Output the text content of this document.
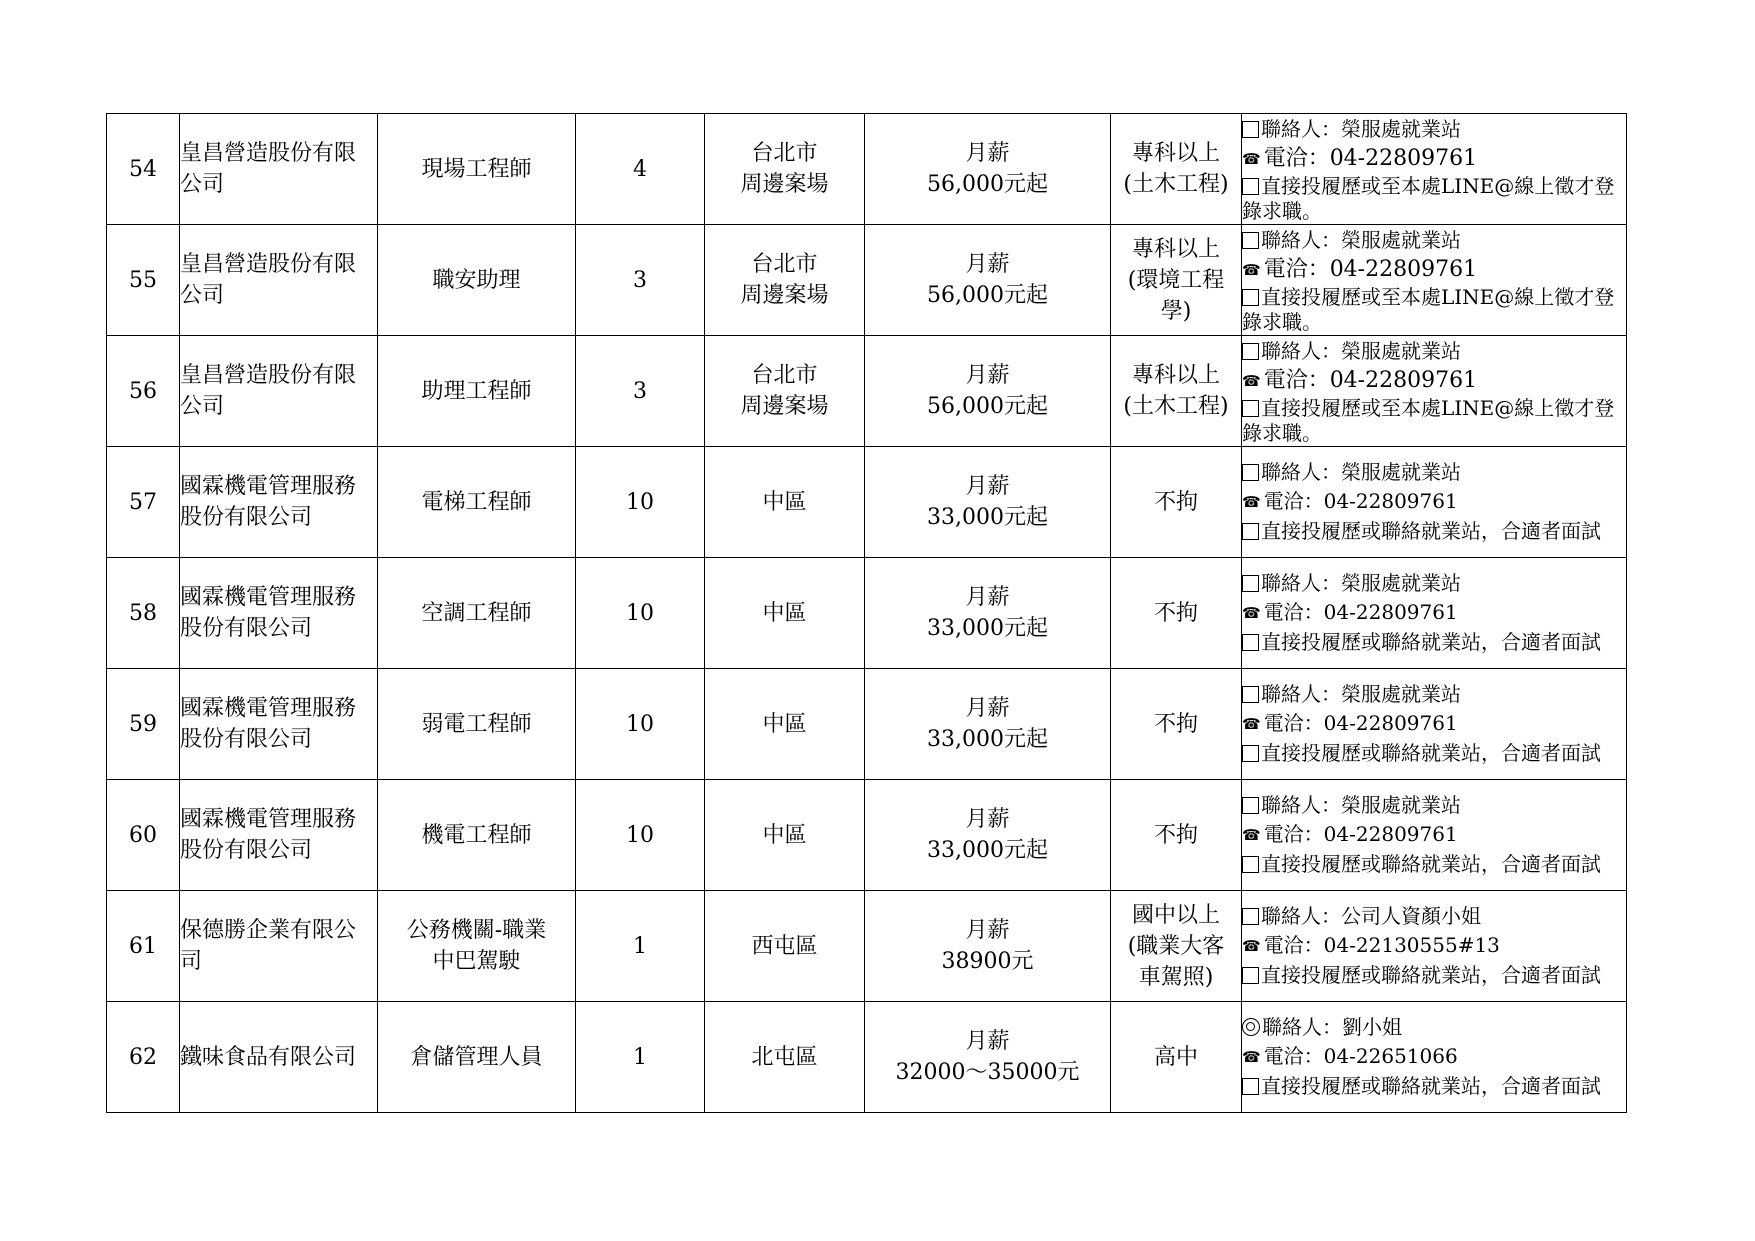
54	皇昌營造股份有限
公司	現場工程師	4	台北市
周邊案場	月薪
56,000元起	專科以上
(土木工程)	聯絡人：榮服處就業站
☎ 電洽：04-22809761
直接投履歷或至本處LINE@線上徵才登錄求職。

55	皇昌營造股份有限
公司	職安助理	3	台北市
周邊案場	月薪
56,000元起	專科以上
(環境工程
學)	聯絡人：榮服處就業站
☎ 電洽：04-22809761
直接投履歷或至本處LINE@線上徵才登錄求職。

56	皇昌營造股份有限
公司	助理工程師	3	台北市
周邊案場	月薪
56,000元起	專科以上
(土木工程)	聯絡人：榮服處就業站
☎ 電洽：04-22809761
直接投履歷或至本處LINE@線上徵才登錄求職。

57	國霖機電管理服務
股份有限公司	電梯工程師	10	中區	月薪
33,000元起	不拘	聯絡人：榮服處就業站
☎ 電洽：04-22809761
直接投履歷或聯絡就業站，合適者面試

58	國霖機電管理服務
股份有限公司	空調工程師	10	中區	月薪
33,000元起	不拘	聯絡人：榮服處就業站
☎ 電洽：04-22809761
直接投履歷或聯絡就業站，合適者面試

59	國霖機電管理服務
股份有限公司	弱電工程師	10	中區	月薪
33,000元起	不拘	聯絡人：榮服處就業站
☎ 電洽：04-22809761
直接投履歷或聯絡就業站，合適者面試

60	國霖機電管理服務
股份有限公司	機電工程師	10	中區	月薪
33,000元起	不拘	聯絡人：榮服處就業站
☎ 電洽：04-22809761
直接投履歷或聯絡就業站，合適者面試

61	保德勝企業有限公
司	公務機關-職業
中巴駕駛	1	西屯區	月薪
38900元	國中以上
(職業大客
車駕照)	聯絡人：公司人資顏小姐
☎ 電洽：04-22130555#13
直接投履歷或聯絡就業站，合適者面試

62	鐵味食品有限公司	倉儲管理人員	1	北屯區	月薪
32000～35000元	高中	聯絡人：劉小姐
☎ 電洽：04-22651066
直接投履歷或聯絡就業站，合適者面試
